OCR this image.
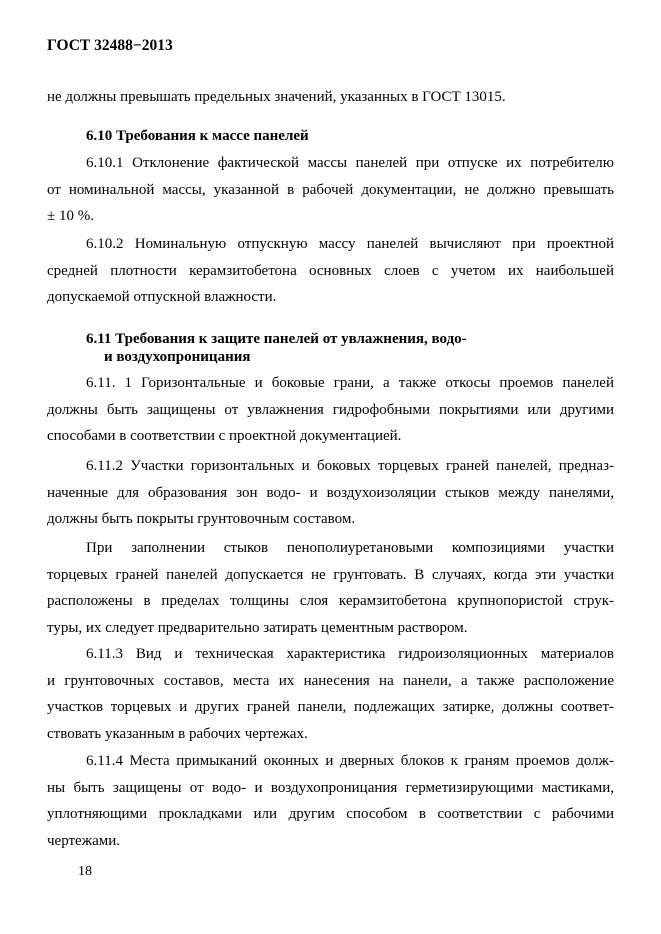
ГОСТ 32488−2013
не должны превышать предельных значений, указанных в ГОСТ 13015.
6.10 Требования к массе панелей
6.10.1 Отклонение фактической массы панелей при отпуске их потребителю
от номинальной массы, указанной в рабочей документации, не должно превышать
± 10 %.
6.10.2 Номинальную отпускную массу панелей вычисляют при проектной
средней плотности керамзитобетона основных слоев с учетом их наибольшей
допускаемой отпускной влажности.
6.11 Требования к защите панелей от увлажнения, водо-
и воздухопроницания
6.11. 1 Горизонтальные и боковые грани, а также откосы проемов панелей
должны быть защищены от увлажнения гидрофобными покрытиями или другими
способами в соответствии с проектной документацией.
6.11.2 Участки горизонтальных и боковых торцевых граней панелей, предназ-
наченные для образования зон водо- и воздухоизоляции стыков между панелями,
должны быть покрыты грунтовочным составом.
При заполнении стыков пенополиуретановыми композициями участки
торцевых граней панелей допускается не грунтовать. В случаях, когда эти участки
расположены в пределах толщины слоя керамзитобетона крупнопористой струк-
туры, их следует предварительно затирать цементным раствором.
6.11.3 Вид и техническая характеристика гидроизоляционных материалов
и грунтовочных составов, места их нанесения на панели, а также расположение
участков торцевых и других граней панели, подлежащих затирке, должны соответ-
ствовать указанным в рабочих чертежах.
6.11.4 Места примыканий оконных и дверных блоков к граням проемов долж-
ны быть защищены от водо- и воздухопроницания герметизирующими мастиками,
уплотняющими прокладками или другим способом в соответствии с рабочими
чертежами.
18
